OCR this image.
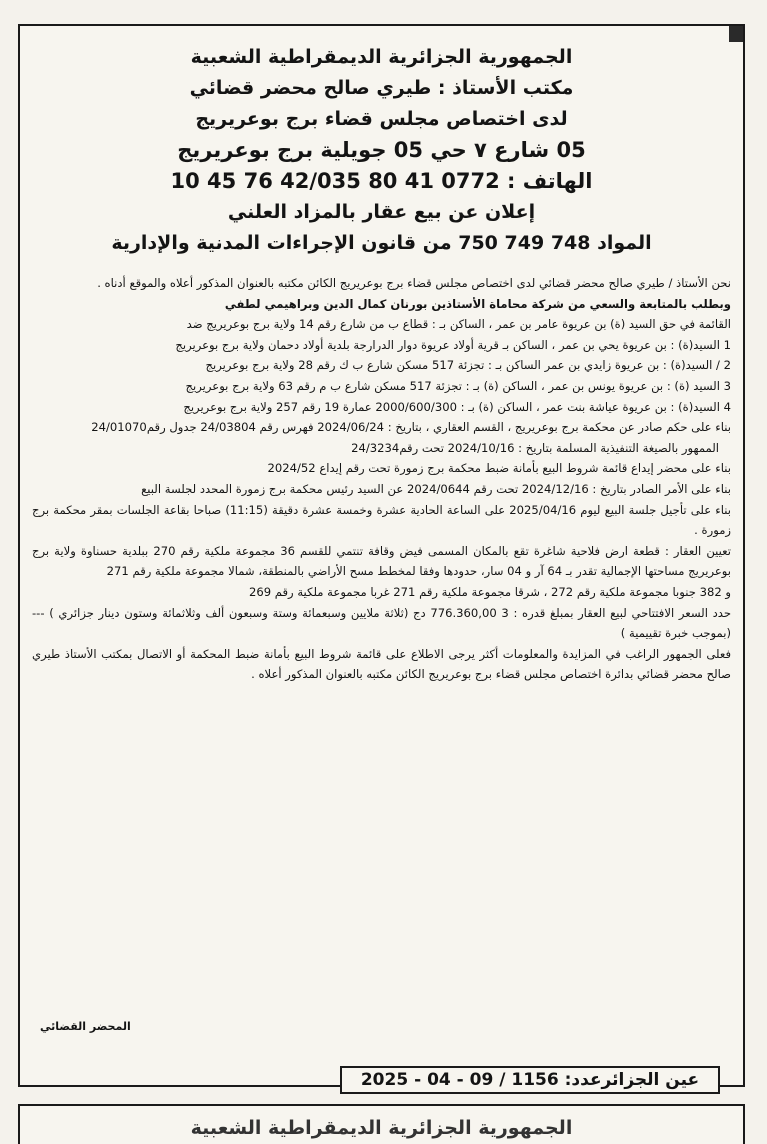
الجمهورية الجزائرية الديمقراطية الشعبية
مكتب الأستاذ : طيري صالح محضر قضائي
لدى اختصاص مجلس قضاء برج بوعريريج
05 شارع ٧ حي 05 جويلية برج بوعريريج
الهاتف : 0772 41 80 42/035 76 45 10
إعلان عن بيع عقار بالمزاد العلني
المواد 748 749 750 من قانون الإجراءات المدنية والإدارية

نحن الأستاذ / طيري صالح محضر قضائي لدى اختصاص مجلس قضاء برج بوعريريج الكائن مكتبه بالعنوان المذكور أعلاه والموقع أدناه .

وبطلب بالمتابعة والسعي من شركة محاماة الأستاذين بورنان كمال الدين وبراهيمي لطفي

القائمة في حق السيد (ة) بن عريوة عامر بن عمر ، الساكن بـ : قطاع ب من شارع رقم 14 ولاية برج بوعريريج ضد

1 السيد(ة) : بن عريوة يحي بن عمر ، الساكن بـ قرية أولاد عريوة دوار الدرارجة بلدية أولاد دحمان ولاية برج بوعريريج

2 / السيد(ة) : بن عريوة زايدي بن عمر الساكن بـ : تجزئة 517 مسكن شارع ب ك رقم 28 ولاية برج بوعريريج

3 السيد (ة) : بن عريوة يونس بن عمر ، الساكن (ة) بـ : تجزئة 517 مسكن شارع ب م رقم 63 ولاية برج بوعريريج

4 السيد(ة) : بن عريوة عياشة بنت عمر ، الساكن (ة) بـ : 2000/600/300 عمارة 19 رقم 257 ولاية برج بوعريريج

بناء على حكم صادر عن محكمة برج بوعريريج ، القسم العقاري ، بتاريخ : 2024/06/24 فهرس رقم 24/03804 جدول رقم24/01070

الممهور بالصيغة التنفيذية المسلمة بتاريخ : 2024/10/16 تحت رقم24/3234

بناء على محضر إيداع قائمة شروط البيع بأمانة ضبط محكمة برج زمورة تحت رقم إيداع 2024/52

بناء على الأمر الصادر بتاريخ : 2024/12/16 تحت رقم 2024/0644 عن السيد رئيس محكمة برج زمورة المحدد لجلسة البيع

بناء على تأجيل جلسة البيع ليوم 2025/04/16 على الساعة الحادية عشرة وخمسة عشرة دقيقة (11:15) صباحا بقاعة الجلسات بمقر محكمة برج زمورة .

تعيين العقار : قطعة ارض فلاحية شاغرة تقع بالمكان المسمى فيض وقافة تنتمي للقسم 36 مجموعة ملكية رقم 270 ببلدية حسناوة ولاية برج بوعريريج مساحتها الإجمالية تقدر بـ 64 آر و 04 سار، حدودها وفقا لمخطط مسح الأراضي بالمنطقة، شمالا مجموعة ملكية رقم 271

و 382 جنوبا مجموعة ملكية رقم 272 ، شرقا مجموعة ملكية رقم 271 غربا مجموعة ملكية رقم 269

حدد السعر الافتتاحي لبيع العقار بمبلغ قدره : 3 776.360,00 دج (ثلاثة ملايين وسبعمائة وستة وسبعون ألف وثلاثمائة وستون دينار جزائري ) --- (بموجب خبرة تقييمية )

فعلى الجمهور الراغب في المزايدة والمعلومات أكثر يرجى الاطلاع على قائمة شروط البيع بأمانة ضبط المحكمة أو الاتصال بمكتب الأستاذ طيري صالح محضر قضائي بدائرة اختصاص مجلس قضاء برج بوعريريج الكائن مكتبه بالعنوان المذكور أعلاه .

المحضر القضائي
عين الجزائرعدد: 1156 / 09 - 04 - 2025
الجمهورية الجزائرية الديمقراطية الشعبية
